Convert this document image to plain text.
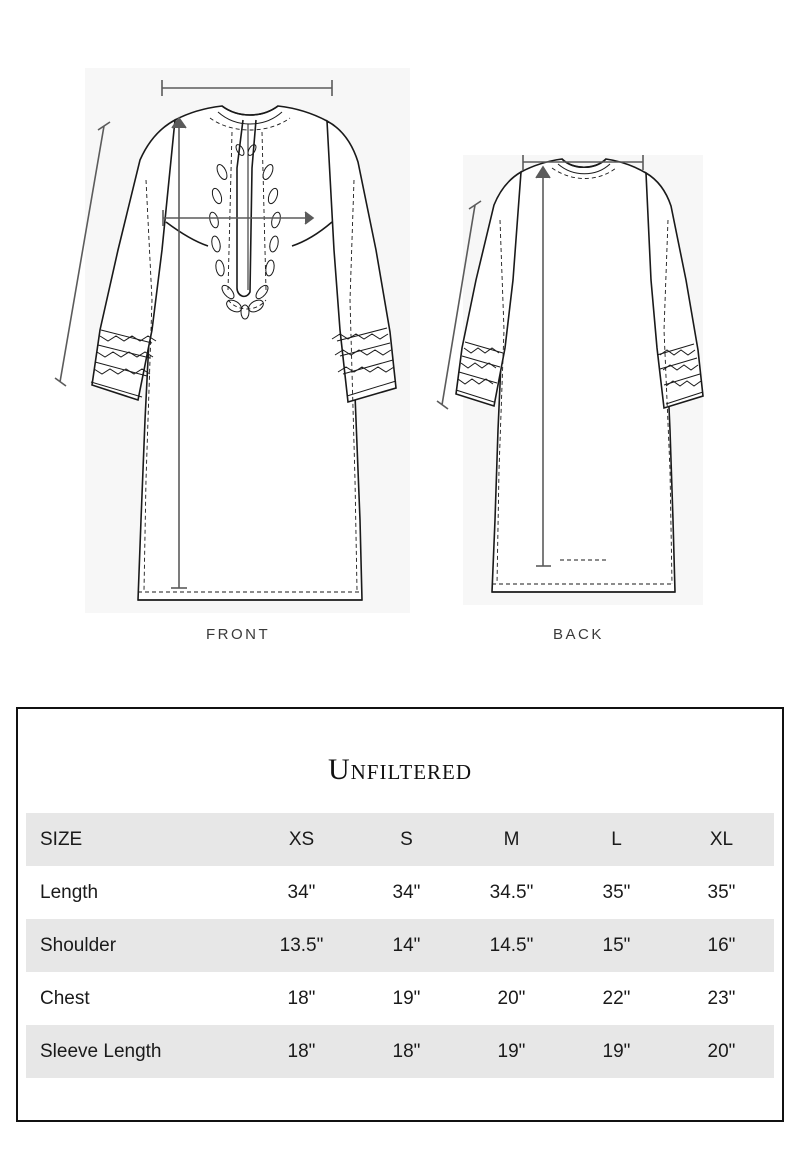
FRONT	BACK
Unfiltered
SIZE	XS	S	M	L	XL
Length	34"	34"	34.5"	35"	35"
Shoulder	13.5"	14"	14.5"	15"	16"
Chest	18"	19"	20"	22"	23"
Sleeve Length	18"	18"	19"	19"	20"
